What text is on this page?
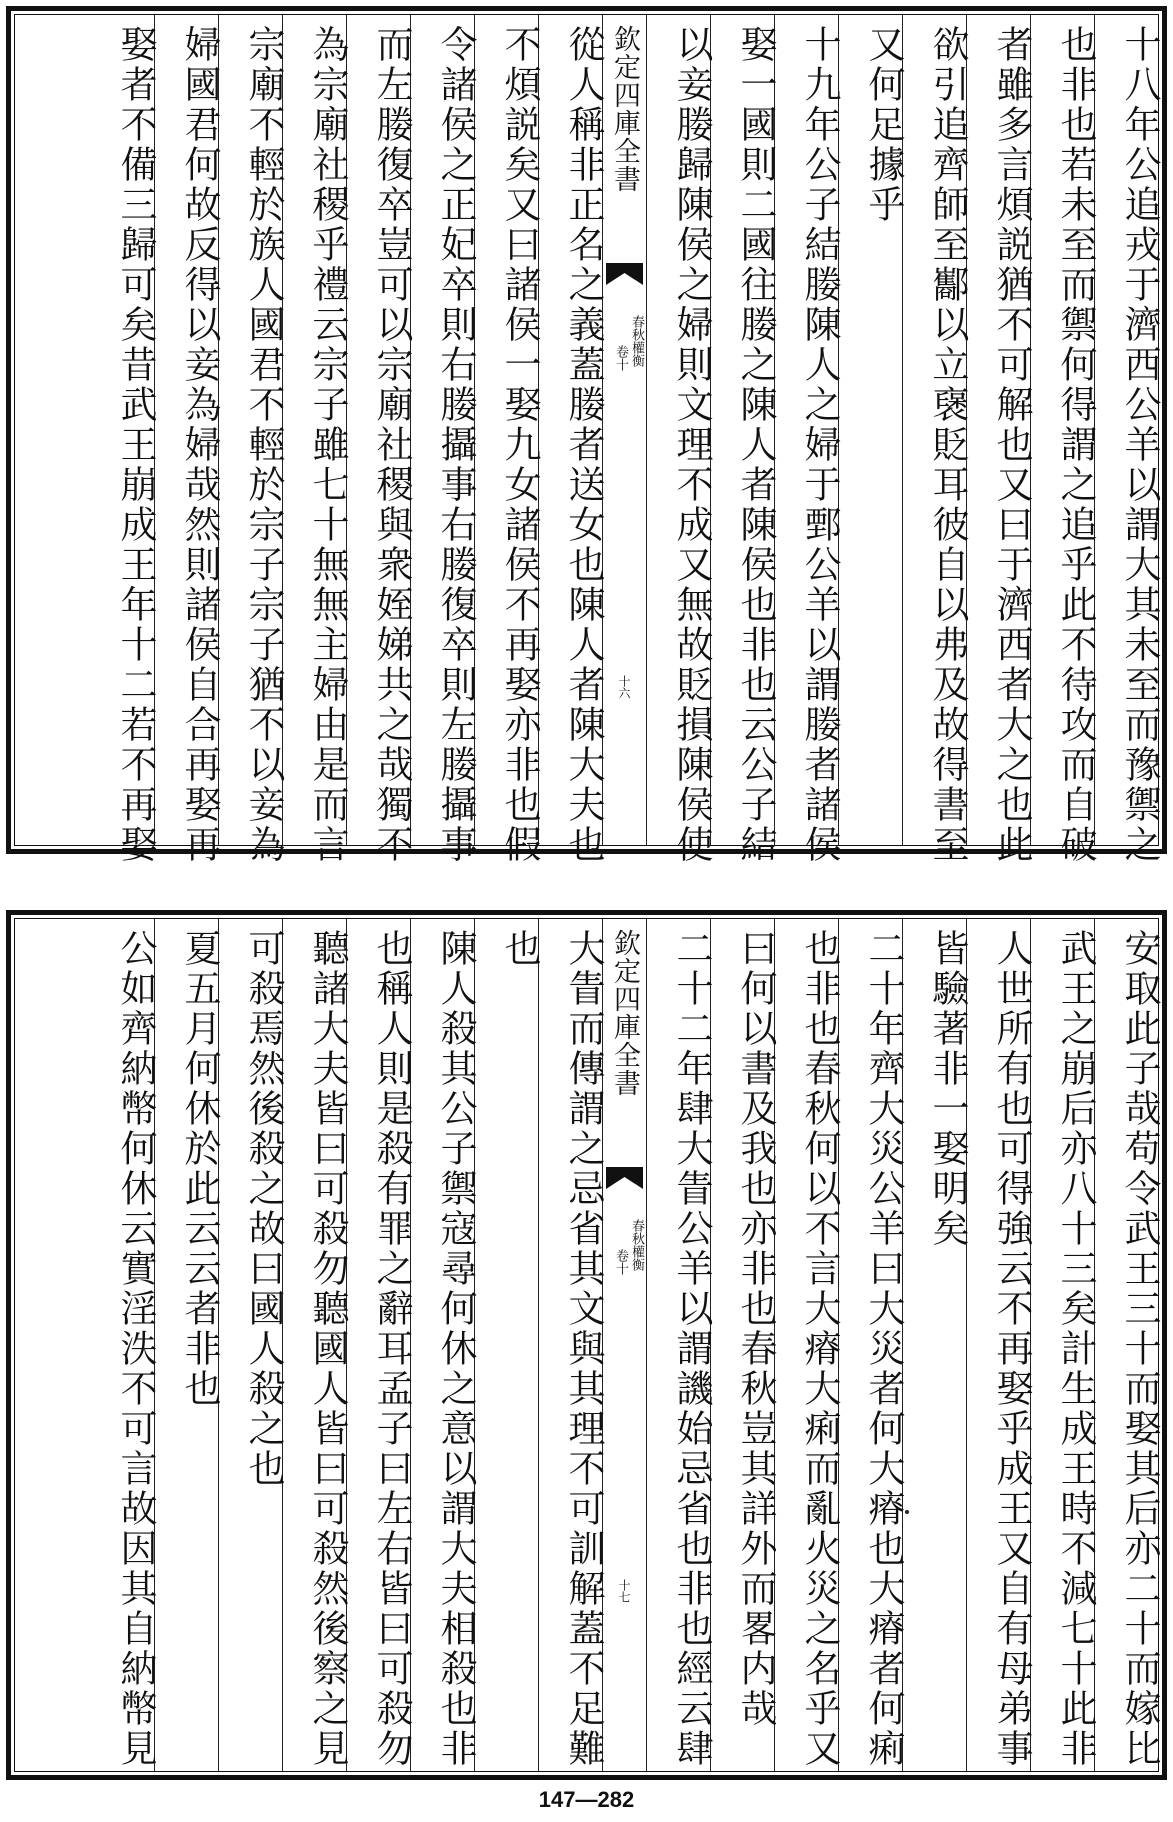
十八年公追戎于濟西公羊以謂大其未至而豫禦之
也非也若未至而禦何得謂之追乎此不待攻而自破
者雖多言煩説猶不可解也又曰于濟西者大之也此
欲引追齊師至酅以立襃貶耳彼自以弗及故得書至
又何足據乎
十九年公子結媵陳人之婦于鄄公羊以謂媵者諸侯
娶一國則二國往媵之陳人者陳侯也非也云公子結
以妾媵歸陳侯之婦則文理不成又無故貶損陳侯使
欽定四庫全書
春秋權衡
卷十
十六
從人稱非正名之義蓋媵者送女也陳人者陳大夫也
不煩説矣又曰諸侯一娶九女諸侯不再娶亦非也假
令諸侯之正妃卒則右媵攝事右媵復卒則左媵攝事
而左媵復卒豈可以宗廟社稷與衆姪娣共之哉獨不
為宗廟社稷乎禮云宗子雖七十無無主婦由是而言
宗廟不輕於族人國君不輕於宗子宗子猶不以妾為
婦國君何故反得以妾為婦哉然則諸侯自合再娶再
娶者不備三歸可矣昔武王崩成王年十二若不再娶
安取此子哉苟令武王三十而娶其后亦二十而嫁比
武王之崩后亦八十三矣計生成王時不減七十此非
人世所有也可得強云不再娶乎成王又自有母弟事
皆驗著非一娶明矣
二十年齊大災公羊曰大災者何大瘠也大瘠者何痢
也非也春秋何以不言大瘠大痢而亂火災之名乎又
曰何以書及我也亦非也春秋豈其詳外而畧内哉
二十二年肆大眚公羊以謂譏始忌省也非也經云肆
欽定四庫全書
春秋權衡
卷十
十七
大眚而傳謂之忌省其文與其理不可訓解蓋不足難
也
陳人殺其公子禦寇尋何休之意以謂大夫相殺也非
也稱人則是殺有罪之辭耳孟子曰左右皆曰可殺勿
聽諸大夫皆曰可殺勿聽國人皆曰可殺然後察之見
可殺焉然後殺之故曰國人殺之也
夏五月何休於此云云者非也
公如齊納幣何休云實淫泆不可言故因其自納幣見
147—282
